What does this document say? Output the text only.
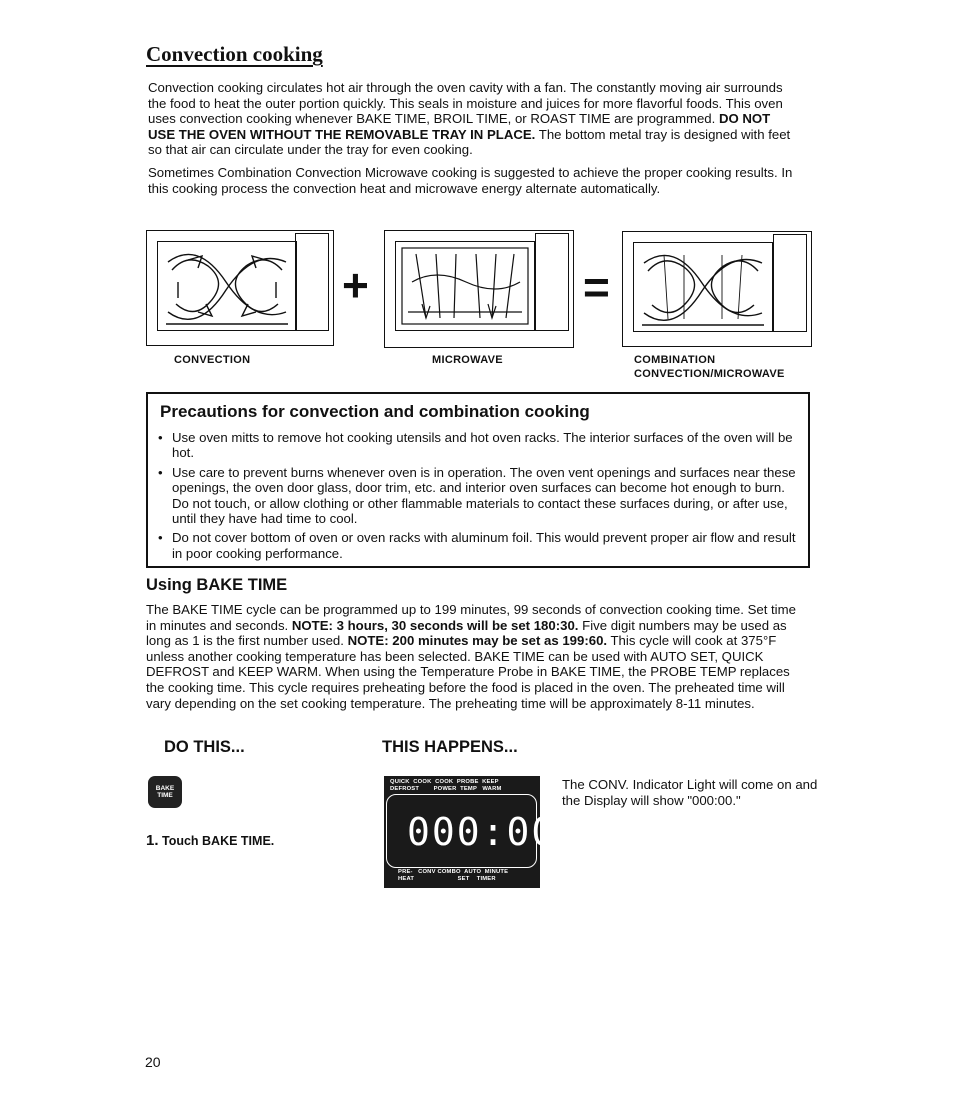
Convection cooking

Convection cooking circulates hot air through the oven cavity with a fan. The constantly moving air surrounds the food to heat the outer portion quickly. This seals in moisture and juices for more flavorful foods. This oven uses convection cooking whenever BAKE TIME, BROIL TIME, or ROAST TIME are programmed. DO NOT USE THE OVEN WITHOUT THE REMOVABLE TRAY IN PLACE. The bottom metal tray is designed with feet so that air can circulate under the tray for even cooking.

Sometimes Combination Convection Microwave cooking is suggested to achieve the proper cooking results. In this cooking process the convection heat and microwave energy alternate automatically.

+	=
CONVECTION	MICROWAVE	COMBINATION
CONVECTION/MICROWAVE
Precautions for convection and combination cooking
• Use oven mitts to remove hot cooking utensils and hot oven racks. The interior surfaces of the oven will be hot.
• Use care to prevent burns whenever oven is in operation. The oven vent openings and surfaces near these openings, the oven door glass, door trim, etc. and interior oven surfaces can become hot enough to burn. Do not touch, or allow clothing or other flammable materials to contact these surfaces during, or after use, until they have had time to cool.
• Do not cover bottom of oven or oven racks with aluminum foil. This would prevent proper air flow and result in poor cooking performance.
Using BAKE TIME

The BAKE TIME cycle can be programmed up to 199 minutes, 99 seconds of convection cooking time. Set time in minutes and seconds. NOTE: 3 hours, 30 seconds will be set 180:30. Five digit numbers may be used as long as 1 is the first number used. NOTE: 200 minutes may be set as 199:60. This cycle will cook at 375°F unless another cooking temperature has been selected. BAKE TIME can be used with AUTO SET, QUICK DEFROST and KEEP WARM. When using the Temperature Probe in BAKE TIME, the PROBE TEMP replaces the cooking time. This cycle requires preheating before the food is placed in the oven. The preheated time will vary depending on the set cooking temperature. The preheating time will be approximately 8-11 minutes.

DO THIS...	THIS HAPPENS...
BAKE
TIME
1. Touch BAKE TIME.
QUICK  COOK  COOK  PROBE  KEEP
DEFROST        POWER  TEMP   WARM
000:00
PRE-   CONV COMBO  AUTO  MINUTE
HEAT                        SET    TIMER
The CONV. Indicator Light will come on and the Display will show "000:00."
20
